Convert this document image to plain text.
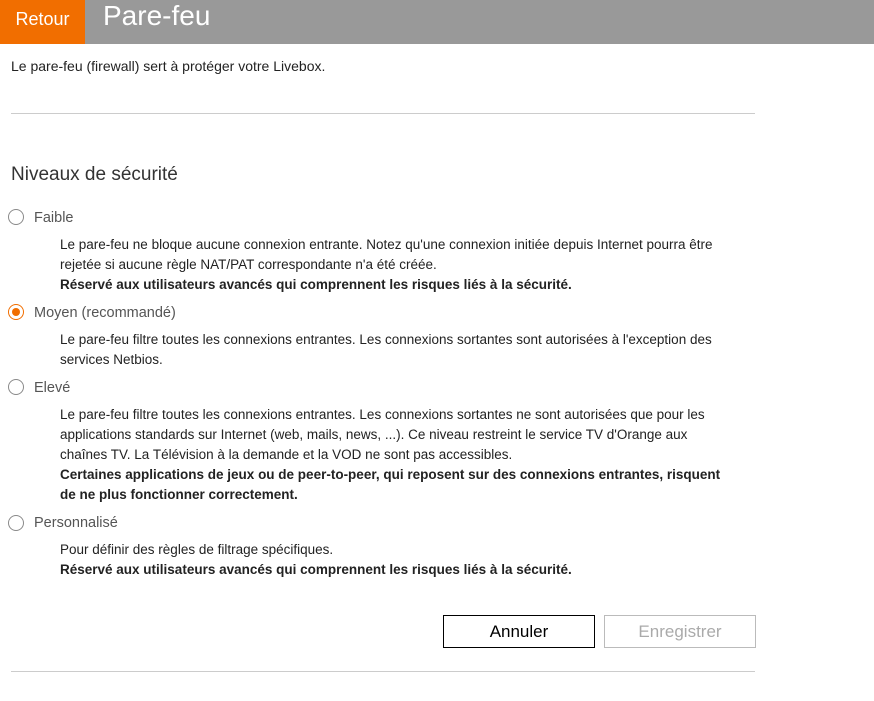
Retour	Pare-feu
Le pare-feu (firewall) sert à protéger votre Livebox.
Niveaux de sécurité
Faible
Le pare-feu ne bloque aucune connexion entrante. Notez qu'une connexion initiée depuis Internet pourra être
rejetée si aucune règle NAT/PAT correspondante n'a été créée.
Réservé aux utilisateurs avancés qui comprennent les risques liés à la sécurité.
Moyen (recommandé)
Le pare-feu filtre toutes les connexions entrantes. Les connexions sortantes sont autorisées à l'exception des
services Netbios.
Elevé
Le pare-feu filtre toutes les connexions entrantes. Les connexions sortantes ne sont autorisées que pour les
applications standards sur Internet (web, mails, news, ...). Ce niveau restreint le service TV d'Orange aux
chaînes TV. La Télévision à la demande et la VOD ne sont pas accessibles.
Certaines applications de jeux ou de peer-to-peer, qui reposent sur des connexions entrantes, risquent
de ne plus fonctionner correctement.
Personnalisé
Pour définir des règles de filtrage spécifiques.
Réservé aux utilisateurs avancés qui comprennent les risques liés à la sécurité.
Annuler	Enregistrer
